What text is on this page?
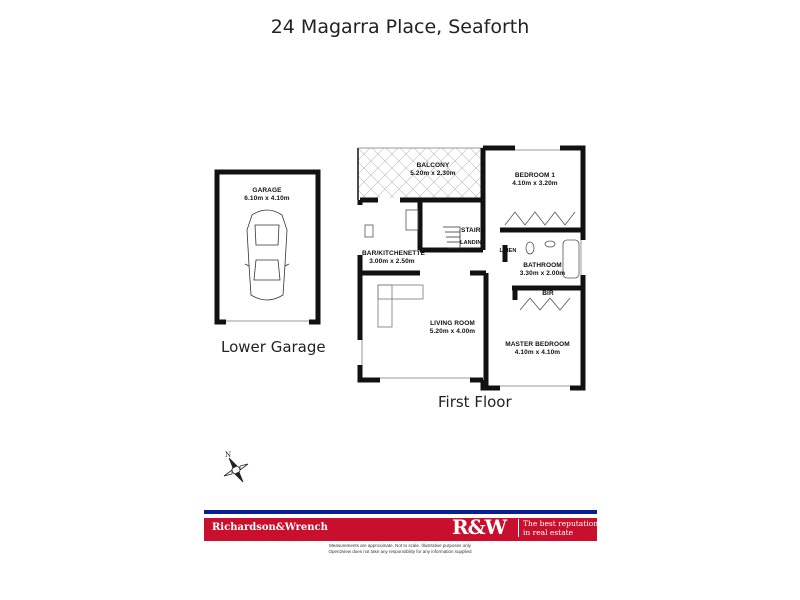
24 Magarra Place, Seaforth
GARAGE
6.10m x 4.10m
BALCONY
5.20m x 2.30m	BEDROOM 1
4.10m x 3.20m
BIR
STAIRS
LANDING
LINEN
BAR/KITCHENETTE
3.00m x 2.50m
BATHROOM
3.30m x 2.00m
BIR
LIVING ROOM
5.20m x 4.00m
MASTER BEDROOM
4.10m x 4.10m
Lower Garage
First Floor
N
Richardson&Wrench	R&W The best reputation
in real estate
Measurements are approximate. Not to scale. Illustrative purposes only
Open2view does not take any responsibility for any information supplied
